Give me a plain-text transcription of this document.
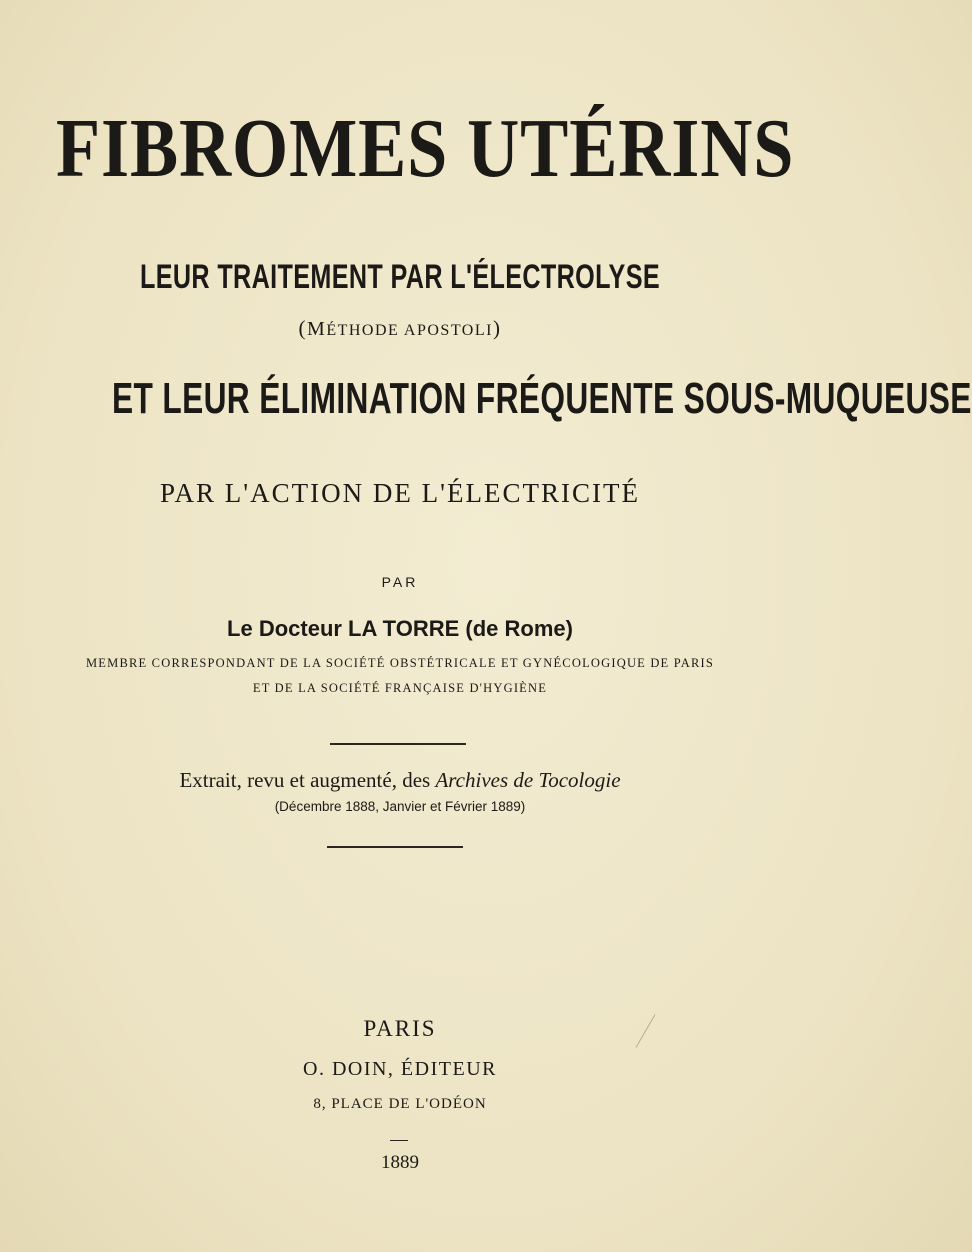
FIBROMES UTÉRINS
LEUR TRAITEMENT PAR L'ÉLECTROLYSE
(MÉTHODE APOSTOLI)
ET LEUR ÉLIMINATION FRÉQUENTE SOUS-MUQUEUSE
PAR L'ACTION DE L'ÉLECTRICITÉ
PAR
Le Docteur LA TORRE (de Rome)
MEMBRE CORRESPONDANT DE LA SOCIÉTÉ OBSTÉTRICALE ET GYNÉCOLOGIQUE DE PARIS
ET DE LA SOCIÉTÉ FRANÇAISE D'HYGIÈNE
Extrait, revu et augmenté, des Archives de Tocologie
(Décembre 1888, Janvier et Février 1889)
PARIS
O. DOIN, ÉDITEUR
8, PLACE DE L'ODÉON
1889
